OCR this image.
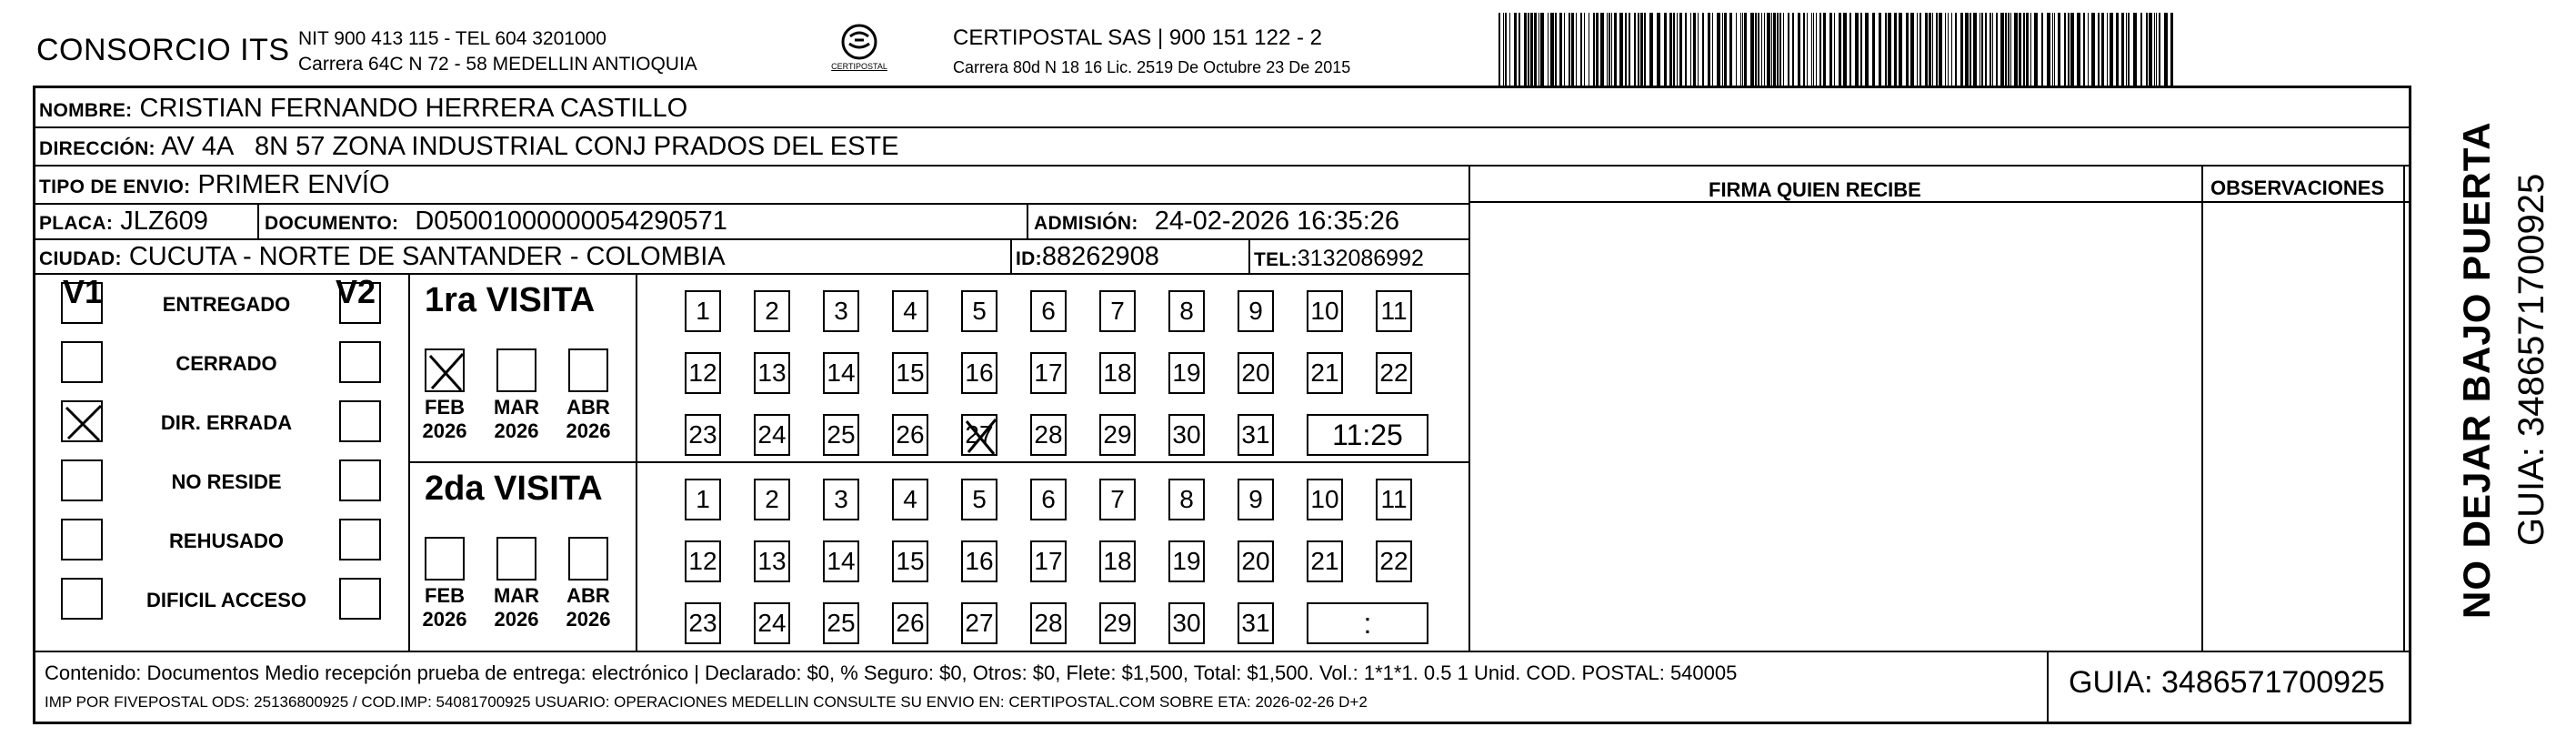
CONSORCIO ITS NIT 900 413 115 - TEL 604 3201000
Carrera 64C N 72 - 58 MEDELLIN ANTIOQUIA	CERTIPOSTAL
CERTIPOSTAL SAS | 900 151 122 - 2
Carrera 80d N 18 16 Lic. 2519 De Octubre 23 De 2015
NOMBRE: CRISTIAN FERNANDO HERRERA CASTILLO
DIRECCIÓN: AV 4A   8N 57 ZONA INDUSTRIAL CONJ PRADOS DEL ESTE
TIPO DE ENVIO: PRIMER ENVÍO	FIRMA QUIEN RECIBE	OBSERVACIONES
PLACA: JLZ609	DOCUMENTO: D05001000000054290571	ADMISIÓN: 24-02-2026 16:35:26
CIUDAD: CUCUTA - NORTE DE SANTANDER - COLOMBIA	ID:88262908	TEL:3132086992
V1	V2
ENTREGADO
CERRADO
DIR. ERRADA
NO RESIDE
REHUSADO
DIFICIL ACCESO
1ra VISITA
FEB
2026
MAR
2026
ABR
2026
1	2	3	4	5	6	7	8	9	10 11
12 13 14 15 16 17 18 19 20 21 22
23 24 25 26 27 28 29 30 31	11:25
2da VISITA
FEB
2026
MAR
2026
ABR
2026
1	2	3	4	5	6	7	8	9	10 11
12 13 14 15 16 17 18 19 20 21 22
23 24 25 26 27 28 29 30 31	:
Contenido: Documentos Medio recepción prueba de entrega: electrónico | Declarado: $0, % Seguro: $0, Otros: $0, Flete: $1,500, Total: $1,500. Vol.: 1*1*1. 0.5 1 Unid. COD. POSTAL: 540005
IMP POR FIVEPOSTAL ODS: 25136800925 / COD.IMP: 54081700925 USUARIO: OPERACIONES MEDELLIN CONSULTE SU ENVIO EN: CERTIPOSTAL.COM SOBRE ETA: 2026-02-26 D+2
GUIA: 3486571700925
NO DEJAR BAJO PUERTA GUIA: 3486571700925
